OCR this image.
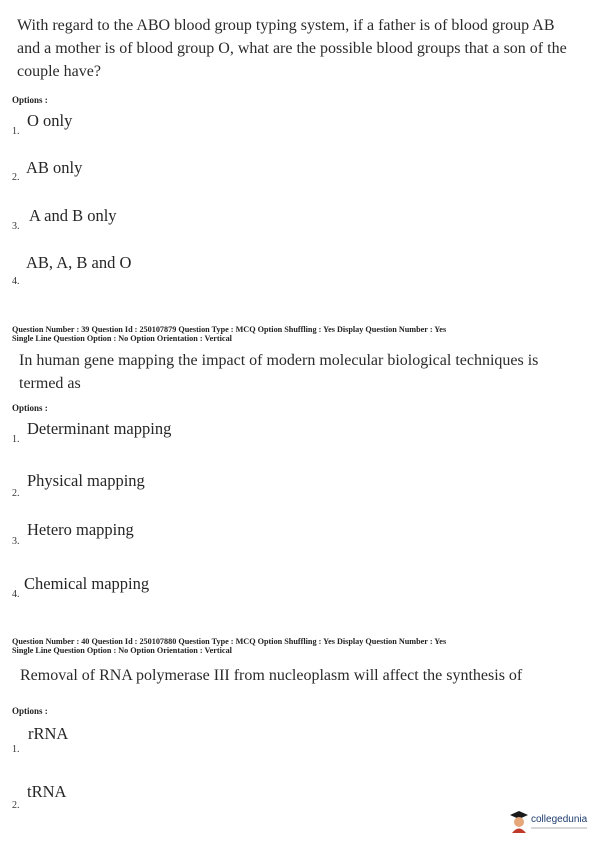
With regard to the ABO blood group typing system, if a father is of blood group AB and a mother is of blood group O, what are the possible blood groups that a son of the couple have?
Options :
O only
1.
AB only
2.
A and B only
3.
AB, A, B and O
4.
Question Number : 39 Question Id : 250107879 Question Type : MCQ Option Shuffling : Yes Display Question Number : Yes
Single Line Question Option : No Option Orientation : Vertical
In human gene mapping the impact of modern molecular biological techniques is termed as
Options :
Determinant mapping
1.
Physical mapping
2.
Hetero mapping
3.
Chemical mapping
4.
Question Number : 40 Question Id : 250107880 Question Type : MCQ Option Shuffling : Yes Display Question Number : Yes
Single Line Question Option : No Option Orientation : Vertical
Removal of RNA polymerase III from nucleoplasm will affect the synthesis of
Options :
rRNA
1.
tRNA
2.
collegedunia
